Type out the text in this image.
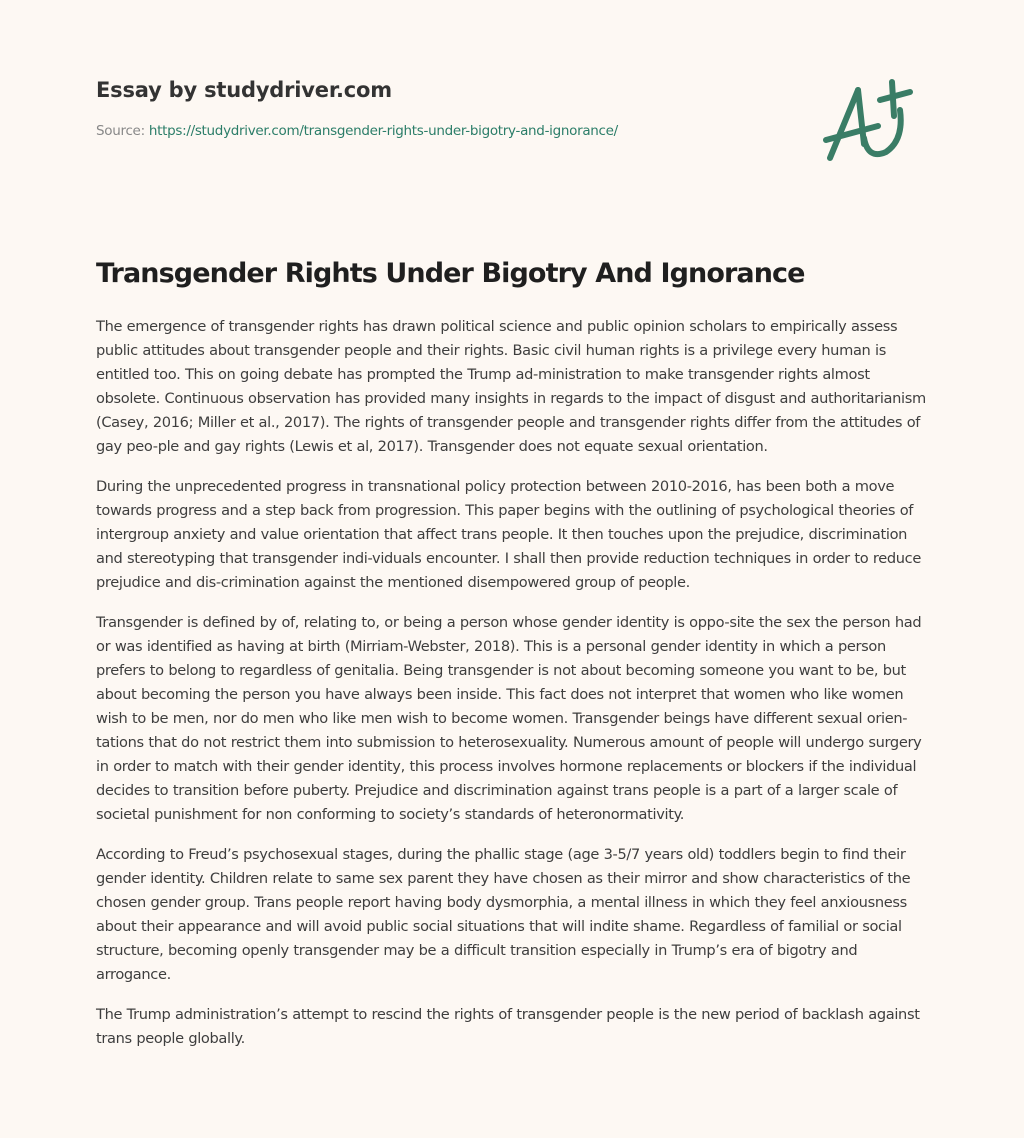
Essay by studydriver.com
Source: https://studydriver.com/transgender-rights-under-bigotry-and-ignorance/
Transgender Rights Under Bigotry And Ignorance

The emergence of transgender rights has drawn political science and public opinion scholars to empirically assess public attitudes about transgender people and their rights. Basic civil human rights is a privilege every human is entitled too. This on going debate has prompted the Trump ad-ministration to make transgender rights almost obsolete. Continuous observation has provided many insights in regards to the impact of disgust and authoritarianism (Casey, 2016; Miller et al., 2017). The rights of transgender people and transgender rights differ from the attitudes of gay peo-ple and gay rights (Lewis et al, 2017). Transgender does not equate sexual orientation.

During the unprecedented progress in transnational policy protection between 2010-2016, has been both a move towards progress and a step back from progression. This paper begins with the outlining of psychological theories of intergroup anxiety and value orientation that affect trans people. It then touches upon the prejudice, discrimination and stereotyping that transgender indi-viduals encounter. I shall then provide reduction techniques in order to reduce prejudice and dis-crimination against the mentioned disempowered group of people.

Transgender is defined by of, relating to, or being a person whose gender identity is oppo-site the sex the person had or was identified as having at birth (Mirriam-Webster, 2018). This is a personal gender identity in which a person prefers to belong to regardless of genitalia. Being transgender is not about becoming someone you want to be, but about becoming the person you have always been inside. This fact does not interpret that women who like women wish to be men, nor do men who like men wish to become women. Transgender beings have different sexual orien-tations that do not restrict them into submission to heterosexuality. Numerous amount of people will undergo surgery in order to match with their gender identity, this process involves hormone replacements or blockers if the individual decides to transition before puberty. Prejudice and discrimination against trans people is a part of a larger scale of societal punishment for non conforming to society’s standards of heteronormativity.

According to Freud’s psychosexual stages, during the phallic stage (age 3-5/7 years old) toddlers begin to find their gender identity. Children relate to same sex parent they have chosen as their mirror and show characteristics of the chosen gender group. Trans people report having body dysmorphia, a mental illness in which they feel anxiousness about their appearance and will avoid public social situations that will indite shame. Regardless of familial or social structure, becoming openly transgender may be a difficult transition especially in Trump’s era of bigotry and arrogance.

The Trump administration’s attempt to rescind the rights of transgender people is the new period of backlash against trans people globally.
